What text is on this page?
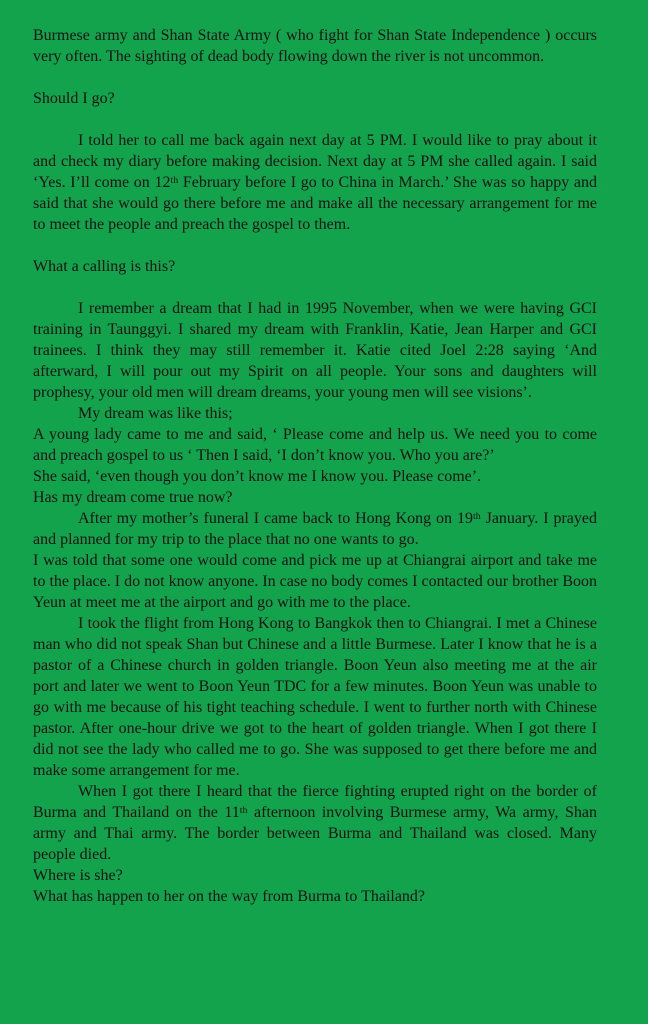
Burmese army and Shan State Army ( who fight for Shan State Independence ) occurs very often. The sighting of dead body flowing down the river is not uncommon.

Should I go?

I told her to call me back again next day at 5 PM. I would like to pray about it and check my diary before making decision. Next day at 5 PM she called again. I said ‘Yes. I’ll come on 12th February before I go to China in March.’ She was so happy and said that she would go there before me and make all the necessary arrangement for me to meet the people and preach the gospel to them.

What a calling is this?

I remember a dream that I had in 1995 November, when we were having GCI training in Taunggyi. I shared my dream with Franklin, Katie, Jean Harper and GCI trainees. I think they may still remember it. Katie cited Joel 2:28 saying ‘And afterward, I will pour out my Spirit on all people. Your sons and daughters will prophesy, your old men will dream dreams, your young men will see visions’.

My dream was like this;

A young lady came to me and said, ‘ Please come and help us. We need you to come and preach gospel to us ‘ Then I said, ‘I don’t know you. Who you are?’

She said, ‘even though you don’t know me I know you. Please come’.

Has my dream come true now?

After my mother’s funeral I came back to Hong Kong on 19th January. I prayed and planned for my trip to the place that no one wants to go.

I was told that some one would come and pick me up at Chiangrai airport and take me to the place. I do not know anyone. In case no body comes I contacted our brother Boon Yeun at meet me at the airport and go with me to the place.

I took the flight from Hong Kong to Bangkok then to Chiangrai. I met a Chinese man who did not speak Shan but Chinese and a little Burmese. Later I know that he is a pastor of a Chinese church in golden triangle. Boon Yeun also meeting me at the air port and later we went to Boon Yeun TDC for a few minutes. Boon Yeun was unable to go with me because of his tight teaching schedule. I went to further north with Chinese pastor. After one-hour drive we got to the heart of golden triangle. When I got there I did not see the lady who called me to go. She was supposed to get there before me and make some arrangement for me.

When I got there I heard that the fierce fighting erupted right on the border of Burma and Thailand on the 11th afternoon involving Burmese army, Wa army, Shan army and Thai army. The border between Burma and Thailand was closed. Many people died.

Where is she?

What has happen to her on the way from Burma to Thailand?
